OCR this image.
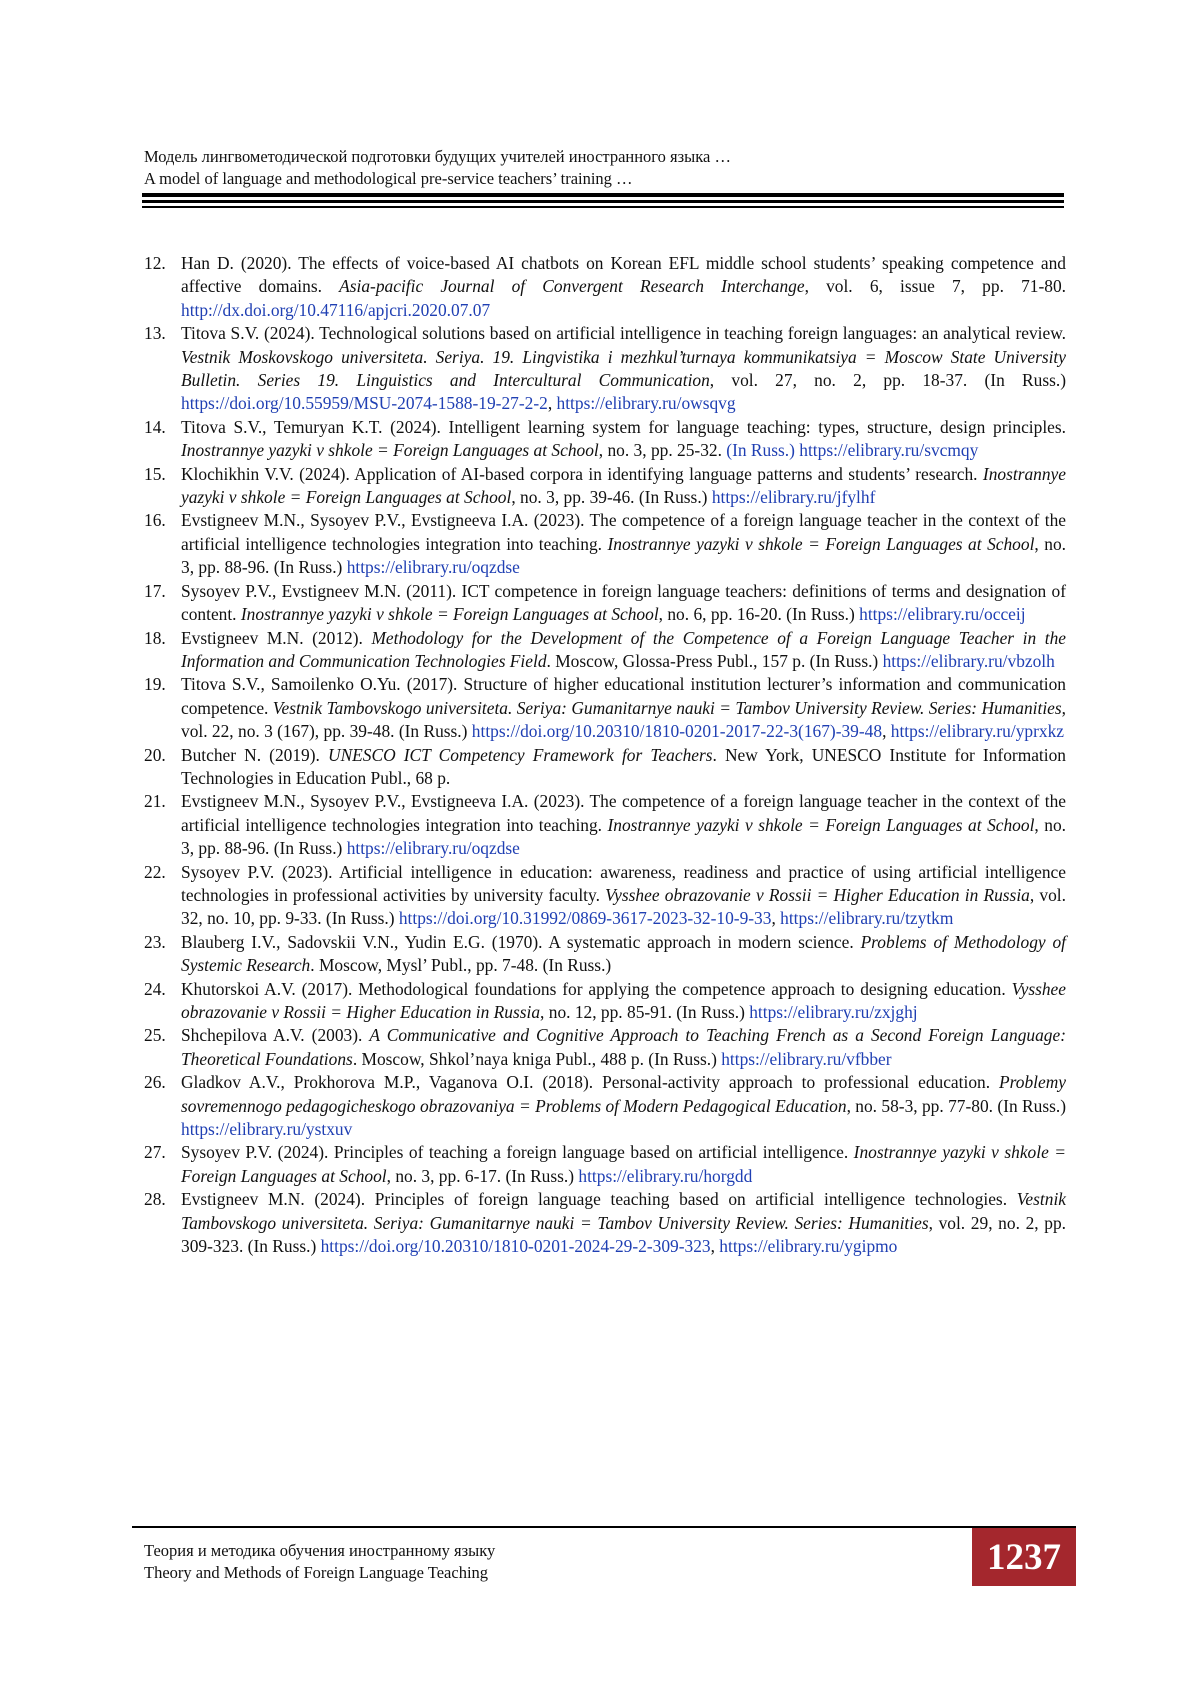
Модель лингвометодической подготовки будущих учителей иностранного языка …
A model of language and methodological pre-service teachers’ training …
12. Han D. (2020). The effects of voice-based AI chatbots on Korean EFL middle school students’ speaking competence and affective domains. Asia-pacific Journal of Convergent Research Interchange, vol. 6, issue 7, pp. 71-80. http://dx.doi.org/10.47116/apjcri.2020.07.07
13. Titova S.V. (2024). Technological solutions based on artificial intelligence in teaching foreign languages: an analytical review. Vestnik Moskovskogo universiteta. Seriya. 19. Lingvistika i mezhkul’turnaya kommunikatsiya = Moscow State University Bulletin. Series 19. Linguistics and Intercultural Communication, vol. 27, no. 2, pp. 18-37. (In Russ.) https://doi.org/10.55959/MSU-2074-1588-19-27-2-2, https://elibrary.ru/owsqvg
14. Titova S.V., Temuryan K.T. (2024). Intelligent learning system for language teaching: types, structure, design principles. Inostrannye yazyki v shkole = Foreign Languages at School, no. 3, pp. 25-32. (In Russ.) https://elibrary.ru/svcmqy
15. Klochikhin V.V. (2024). Application of AI-based corpora in identifying language patterns and students’ research. Inostrannye yazyki v shkole = Foreign Languages at School, no. 3, pp. 39-46. (In Russ.) https://elibrary.ru/jfylhf
16. Evstigneev M.N., Sysoyev P.V., Evstigneeva I.A. (2023). The competence of a foreign language teacher in the context of the artificial intelligence technologies integration into teaching. Inostrannye yazyki v shkole = Foreign Languages at School, no. 3, pp. 88-96. (In Russ.) https://elibrary.ru/oqzdse
17. Sysoyev P.V., Evstigneev M.N. (2011). ICT competence in foreign language teachers: definitions of terms and designation of content. Inostrannye yazyki v shkole = Foreign Languages at School, no. 6, pp. 16-20. (In Russ.) https://elibrary.ru/occeij
18. Evstigneev M.N. (2012). Methodology for the Development of the Competence of a Foreign Language Teacher in the Information and Communication Technologies Field. Moscow, Glossa-Press Publ., 157 p. (In Russ.) https://elibrary.ru/vbzolh
19. Titova S.V., Samoilenko O.Yu. (2017). Structure of higher educational institution lecturer’s information and communication competence. Vestnik Tambovskogo universiteta. Seriya: Gumanitarnye nauki = Tambov University Review. Series: Humanities, vol. 22, no. 3 (167), pp. 39-48. (In Russ.) https://doi.org/10.20310/1810-0201-2017-22-3(167)-39-48, https://elibrary.ru/yprxkz
20. Butcher N. (2019). UNESCO ICT Competency Framework for Teachers. New York, UNESCO Institute for Information Technologies in Education Publ., 68 p.
21. Evstigneev M.N., Sysoyev P.V., Evstigneeva I.A. (2023). The competence of a foreign language teacher in the context of the artificial intelligence technologies integration into teaching. Inostrannye yazyki v shkole = Foreign Languages at School, no. 3, pp. 88-96. (In Russ.) https://elibrary.ru/oqzdse
22. Sysoyev P.V. (2023). Artificial intelligence in education: awareness, readiness and practice of using artificial intelligence technologies in professional activities by university faculty. Vysshee obrazovanie v Rossii = Higher Education in Russia, vol. 32, no. 10, pp. 9-33. (In Russ.) https://doi.org/10.31992/0869-3617-2023-32-10-9-33, https://elibrary.ru/tzytkm
23. Blauberg I.V., Sadovskii V.N., Yudin E.G. (1970). A systematic approach in modern science. Problems of Methodology of Systemic Research. Moscow, Mysl’ Publ., pp. 7-48. (In Russ.)
24. Khutorskoi A.V. (2017). Methodological foundations for applying the competence approach to designing education. Vysshee obrazovanie v Rossii = Higher Education in Russia, no. 12, pp. 85-91. (In Russ.) https://elibrary.ru/zxjghj
25. Shchepilova A.V. (2003). A Communicative and Cognitive Approach to Teaching French as a Second Foreign Language: Theoretical Foundations. Moscow, Shkol’naya kniga Publ., 488 p. (In Russ.) https://elibrary.ru/vfbber
26. Gladkov A.V., Prokhorova M.P., Vaganova O.I. (2018). Personal-activity approach to professional education. Problemy sovremennogo pedagogicheskogo obrazovaniya = Problems of Modern Pedagogical Education, no. 58-3, pp. 77-80. (In Russ.) https://elibrary.ru/ystxuv
27. Sysoyev P.V. (2024). Principles of teaching a foreign language based on artificial intelligence. Inostrannye yazyki v shkole = Foreign Languages at School, no. 3, pp. 6-17. (In Russ.) https://elibrary.ru/horgdd
28. Evstigneev M.N. (2024). Principles of foreign language teaching based on artificial intelligence technologies. Vestnik Tambovskogo universiteta. Seriya: Gumanitarnye nauki = Tambov University Review. Series: Humanities, vol. 29, no. 2, pp. 309-323. (In Russ.) https://doi.org/10.20310/1810-0201-2024-29-2-309-323, https://elibrary.ru/ygipmo
Теория и методика обучения иностранному языку
Theory and Methods of Foreign Language Teaching	1237
